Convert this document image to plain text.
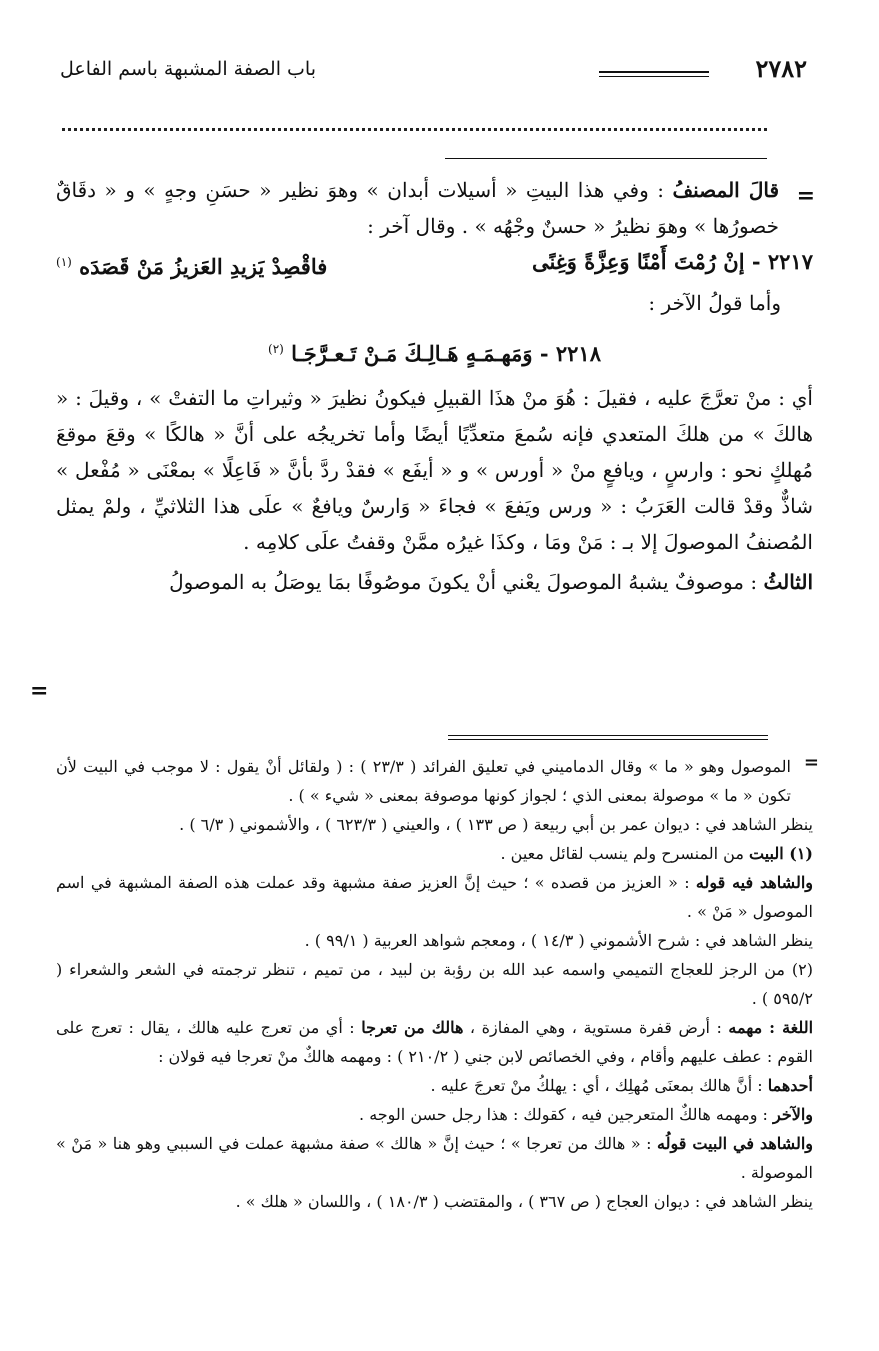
٢٧٨٢
باب الصفة المشبهة باسم الفاعل
=

قالَ المصنفُ : وفي هذا البيتِ « أسيلات أبدان » وهوَ نظير « حسَنِ وجهٍ » و « دقَاقٌ خصورُها » وهوَ نظيرُ « حسنٌ وجْهُه » . وقال آخر :

٢٢١٧ - إنْ رُمْتَ أَمْنًا وَعِزَّةً وَغِنًى
فاقْصِدْ يَزيدِ العَزيزُ مَنْ قَصَدَه $^{(١)}$

وأما قولُ الآخر :

٢٢١٨ - وَمَهـمَـهٍ هَـالِـكَ مَـنْ تَـعـرَّجَـا $^{(٢)}$

أي : منْ تعرَّجَ عليه ، فقيلَ : هُوَ منْ هذَا القبيلِ فيكونُ نظيرَ « وثيراتِ ما التفتْ » ، وقيلَ : « هالكَ » من هلكَ المتعدي فإنه سُمعَ متعدِّيًا أيضًا وأما تخريجُه على أنَّ « هالكًا » وقعَ موقعَ مُهلكٍ نحو : وارسٍ ، ويافعٍ منْ « أورس » و « أيفَع » فقدْ ردَّ بأنَّ « فَاعِلًا » بمعْنَى « مُفْعل » شاذٌّ وقدْ قالت العَرَبُ : « ورس ويَفعَ » فجاءَ « وَارسٌ ويافعٌ » علَى هذا الثلاثيِّ ، ولمْ يمثل المُصنفُ الموصولَ إلا بـ : مَنْ ومَا ، وكذَا غيرُه ممَّنْ وقفتُ علَى كلامِه .

الثالثُ : موصوفٌ يشبهُ الموصولَ يعْني أنْ يكونَ موصُوفًا بمَا يوصَلُ به الموصولُ

=
=

الموصول وهو « ما » وقال الدماميني في تعليق الفرائد ( ٢٣/٣ ) : ( ولقائل أنْ يقول : لا موجب في البيت لأن تكون « ما » موصولة بمعنى الذي ؛ لجواز كونها موصوفة بمعنى « شيء » ) .

ينظر الشاهد في : ديوان عمر بن أبي ربيعة ( ص ١٣٣ ) ، والعيني ( ٦٢٣/٣ ) ، والأشموني ( ٦/٣ ) .

(١) البيت من المنسرح ولم ينسب لقائل معين .

والشاهد فيه قوله : « العزيز من قصده » ؛ حيث إنَّ العزيز صفة مشبهة وقد عملت هذه الصفة المشبهة في اسم الموصول « مَنْ » .

ينظر الشاهد في : شرح الأشموني ( ١٤/٣ ) ، ومعجم شواهد العربية ( ٩٩/١ ) .

(٢) من الرجز للعجاج التميمي واسمه عبد الله بن رؤبة بن لبيد ، من تميم ، تنظر ترجمته في الشعر والشعراء ( ٥٩٥/٢ ) .

اللغة : مهمه : أرض قفرة مستوية ، وهي المفازة ، هالك من تعرجا : أي من تعرج عليه هالك ، يقال : تعرج على القوم : عطف عليهم وأقام ، وفي الخصائص لابن جني ( ٢١٠/٢ ) : ومهمه هالكٌ منْ تعرجا فيه قولان :

أحدهما : أنَّ هالك بمعنَى مُهلِك ، أي : يهلكُ منْ تعرجَ عليه .

والآخر : ومهمه هالكٌ المتعرجين فيه ، كقولك : هذا رجل حسن الوجه .

والشاهد في البيت قولُه : « هالك من تعرجا » ؛ حيث إنَّ « هالك » صفة مشبهة عملت في السببي وهو هنا « مَنْ » الموصولة .

ينظر الشاهد في : ديوان العجاج ( ص ٣٦٧ ) ، والمقتضب ( ١٨٠/٣ ) ، واللسان « هلك » .
